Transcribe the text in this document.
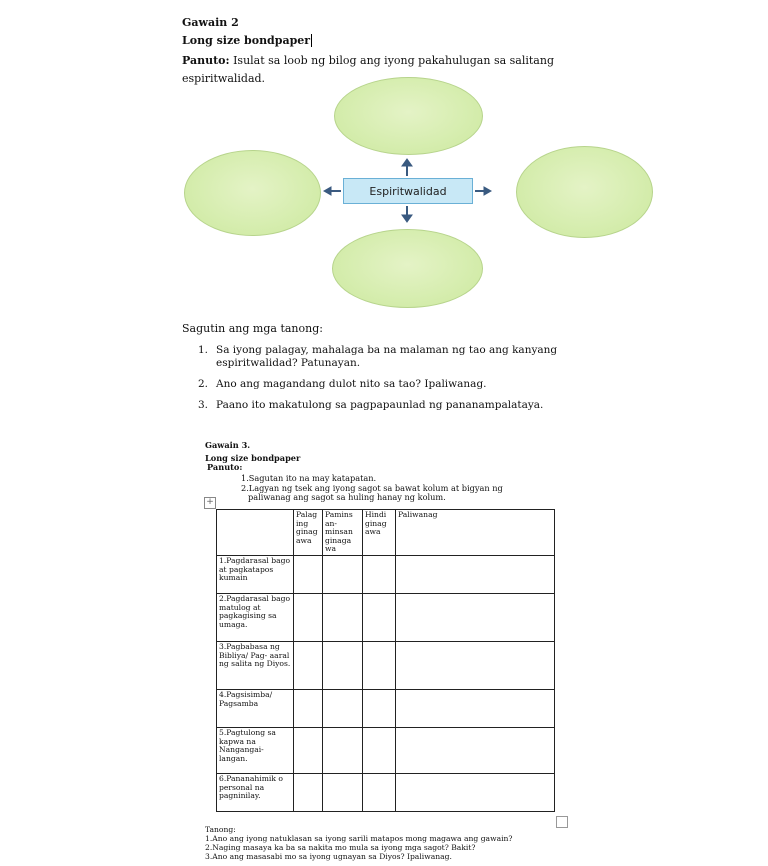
Gawain 2
Long size bondpaper
Panuto: Isulat sa loob ng bilog ang iyong pakahulugan sa salitang
espiritwalidad.
Espiritwalidad
Sagutin ang mga tanong:
1. Sa iyong palagay, mahalaga ba na malaman ng tao ang kanyang espiritwalidad? Patunayan.
2. Ano ang magandang dulot nito sa tao? Ipaliwanag.
3. Paano ito makatulong sa pagpapaunlad ng pananampalataya.
Gawain 3.
Long size bondpaper
Panuto:
1.Sagutan ito na may katapatan.
2.Lagyan ng tsek ang iyong sagot sa bawat kolum at bigyan ng
paliwanag ang sagot sa huling hanay ng kolum.
+
	Palag ing ginag awa	Pamins an-minsan ginaga wa	Hindi ginag awa	Paliwanag
1.Pagdarasal bago at pagkatapos kumain				
2.Pagdarasal bago matulog at pagkagising sa umaga.				
3.Pagbabasa ng Bibliya/ Pag- aaral ng salita ng Diyos.				
4.Pagsisimba/ Pagsamba				
5.Pagtulong sa kapwa na Nangangai-langan.				
6.Pananahimik o personal na pagninilay.				
Tanong:
1.Ano ang iyong natuklasan sa iyong sarili matapos mong magawa ang gawain?
2.Naging masaya ka ba sa nakita mo mula sa iyong mga sagot? Bakit?
3.Ano ang masasabi mo sa iyong ugnayan sa Diyos? Ipaliwanag.
